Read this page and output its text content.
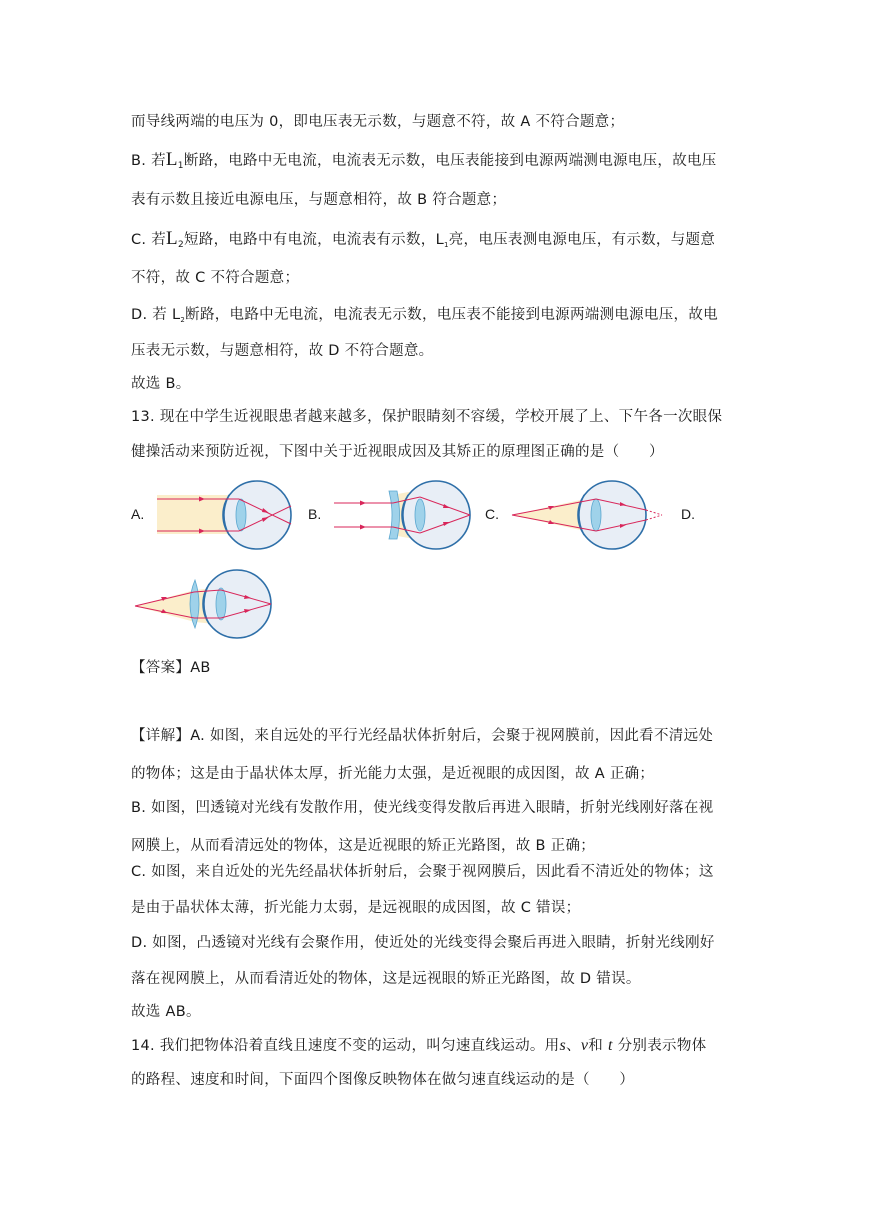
而导线两端的电压为 0，即电压表无示数，与题意不符，故 A 不符合题意；
B. 若$L_1$断路，电路中无电流，电流表无示数，电压表能接到电源两端测电源电压，故电压
表有示数且接近电源电压，与题意相符，故 B 符合题意；
C. 若$L_2$短路，电路中有电流，电流表有示数，$L_1$亮，电压表测电源电压，有示数，与题意
不符，故 C 不符合题意；
D. 若 $L_2$断路，电路中无电流，电流表无示数，电压表不能接到电源两端测电源电压，故电
压表无示数，与题意相符，故 D 不符合题意。
故选 B。
13. 现在中学生近视眼患者越来越多，保护眼睛刻不容缓，学校开展了上、下午各一次眼保
健操活动来预防近视，下图中关于近视眼成因及其矫正的原理图正确的是（　　）
A.	B.	C.	D.
【答案】AB
【详解】A. 如图，来自远处的平行光经晶状体折射后，会聚于视网膜前，因此看不清远处
的物体；这是由于晶状体太厚，折光能力太强，是近视眼的成因图，故 A 正确；
B. 如图，凹透镜对光线有发散作用，使光线变得发散后再进入眼睛，折射光线刚好落在视
网膜上，从而看清远处的物体，这是近视眼的矫正光路图，故 B 正确；
C. 如图，来自近处的光先经晶状体折射后，会聚于视网膜后，因此看不清近处的物体；这
是由于晶状体太薄，折光能力太弱，是远视眼的成因图，故 C 错误；
D. 如图，凸透镜对光线有会聚作用，使近处的光线变得会聚后再进入眼睛，折射光线刚好
落在视网膜上，从而看清近处的物体，这是远视眼的矫正光路图，故 D 错误。
故选 AB。
14. 我们把物体沿着直线且速度不变的运动，叫匀速直线运动。用s、v和 t 分别表示物体
的路程、速度和时间，下面四个图像反映物体在做匀速直线运动的是（　　）
